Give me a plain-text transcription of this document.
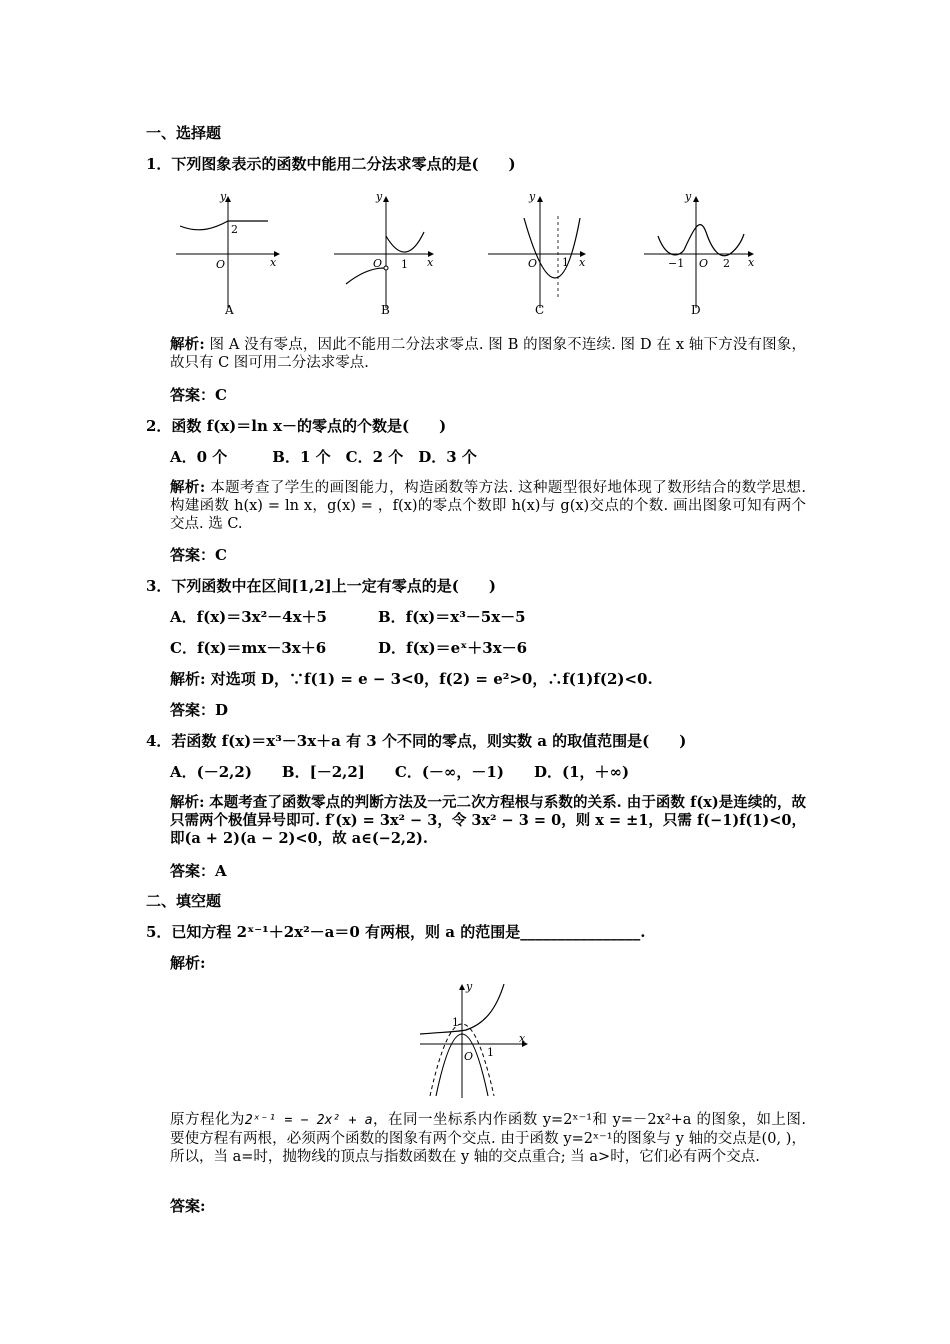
一、选择题
1．下列图象表示的函数中能用二分法求零点的是(　　)
y
x
O
2
A
y
x
O 1
B
y
x
O 1
C
y
x
O
−1	2
D
解析: 图 A 没有零点，因此不能用二分法求零点. 图 B 的图象不连续. 图 D 在 x 轴下方没有图象，故只有 C 图可用二分法求零点.
答案：C
2．函数 f(x)＝ln x－的零点的个数是(　　)
A．0 个　　　B．1 个　C．2 个　D．3 个
解析: 本题考查了学生的画图能力，构造函数等方法. 这种题型很好地体现了数形结合的数学思想. 构建函数 h(x) = ln x，g(x) = ，f(x)的零点个数即 h(x)与 g(x)交点的个数. 画出图象可知有两个交点. 选 C.
答案：C
3．下列函数中在区间[1,2]上一定有零点的是(　　)
A．f(x)＝3x²－4x＋5	B．f(x)＝x³－5x－5
C．f(x)＝mx－3x＋6	D．f(x)＝eˣ＋3x－6
解析: 对选项 D，∵f(1) = e − 3<0，f(2) = e²>0，∴f(1)f(2)<0.
答案：D
4．若函数 f(x)＝x³－3x＋a 有 3 个不同的零点，则实数 a 的取值范围是(　　)
A．(－2,2)　　B．[－2,2]　　C．(－∞，－1)　　D．(1，＋∞)
解析: 本题考查了函数零点的判断方法及一元二次方程根与系数的关系. 由于函数 f(x)是连续的，故只需两个极值异号即可. f′(x) = 3x² − 3，令 3x² − 3 = 0，则 x = ±1，只需 f(−1)f(1)<0，即(a + 2)(a − 2)<0，故 a∈(−2,2).
答案：A
二、填空题
5．已知方程 2ˣ⁻¹＋2x²－a＝0 有两根，则 a 的范围是________________.
解析:
y
x
O
1
1
原方程化为2ˣ⁻¹ = − 2x² + a，在同一坐标系内作函数 y=2ˣ⁻¹和 y=－2x²+a 的图象，如上图. 要使方程有两根，必须两个函数的图象有两个交点. 由于函数 y=2ˣ⁻¹的图象与 y 轴的交点是(0, )，所以，当 a=时，抛物线的顶点与指数函数在 y 轴的交点重合; 当 a>时，它们必有两个交点.
答案:
